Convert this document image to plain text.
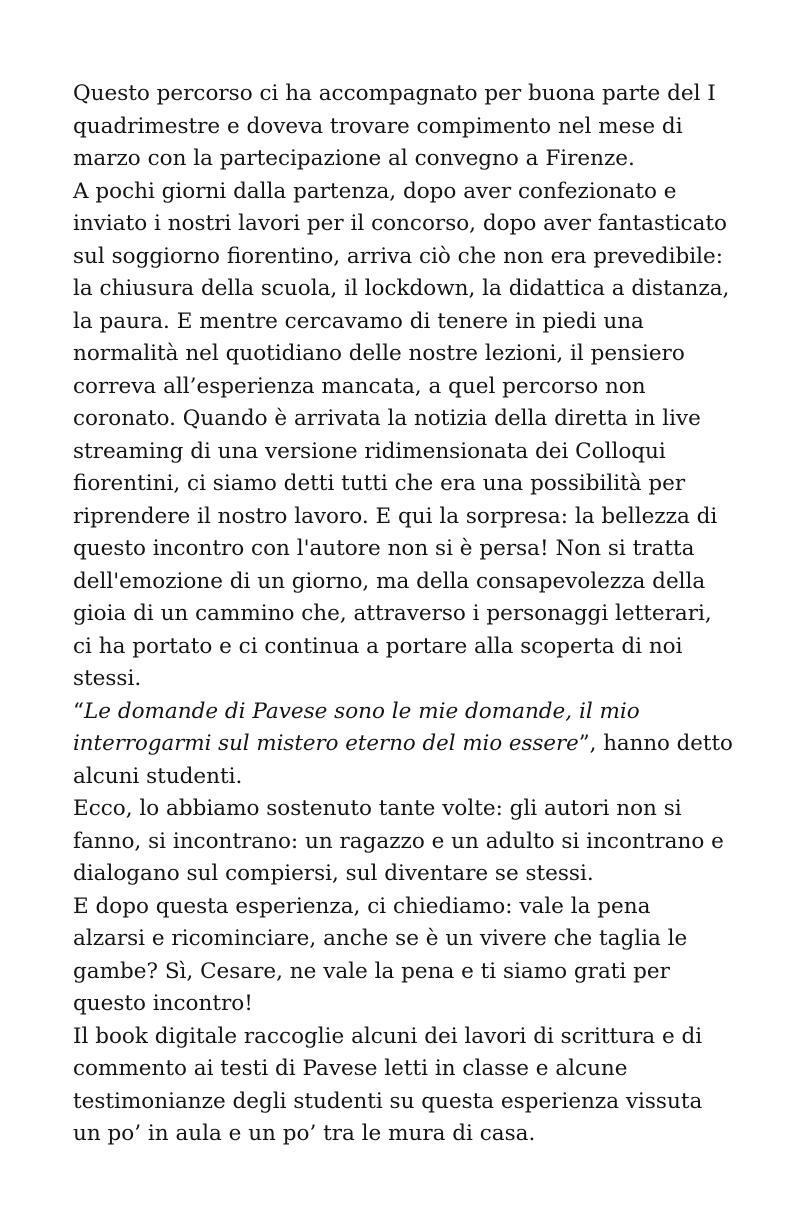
Questo percorso ci ha accompagnato per buona parte del I
quadrimestre e doveva trovare compimento nel mese di
marzo con la partecipazione al convegno a Firenze.
A pochi giorni dalla partenza, dopo aver confezionato e
inviato i nostri lavori per il concorso, dopo aver fantasticato
sul soggiorno fiorentino, arriva ciò che non era prevedibile:
la chiusura della scuola, il lockdown, la didattica a distanza,
la paura. E mentre cercavamo di tenere in piedi una
normalità nel quotidiano delle nostre lezioni, il pensiero
correva all’esperienza mancata, a quel percorso non
coronato. Quando è arrivata la notizia della diretta in live
streaming di una versione ridimensionata dei Colloqui
fiorentini, ci siamo detti tutti che era una possibilità per
riprendere il nostro lavoro. E qui la sorpresa: la bellezza di
questo incontro con l'autore non si è persa! Non si tratta
dell'emozione di un giorno, ma della consapevolezza della
gioia di un cammino che, attraverso i personaggi letterari,
ci ha portato e ci continua a portare alla scoperta di noi
stessi.
“Le domande di Pavese sono le mie domande, il mio
interrogarmi sul mistero eterno del mio essere”, hanno detto
alcuni studenti.
Ecco, lo abbiamo sostenuto tante volte: gli autori non si
fanno, si incontrano: un ragazzo e un adulto si incontrano e
dialogano sul compiersi, sul diventare se stessi.
E dopo questa esperienza, ci chiediamo: vale la pena
alzarsi e ricominciare, anche se è un vivere che taglia le
gambe? Sì, Cesare, ne vale la pena e ti siamo grati per
questo incontro!
Il book digitale raccoglie alcuni dei lavori di scrittura e di
commento ai testi di Pavese letti in classe e alcune
testimonianze degli studenti su questa esperienza vissuta
un po’ in aula e un po’ tra le mura di casa.
